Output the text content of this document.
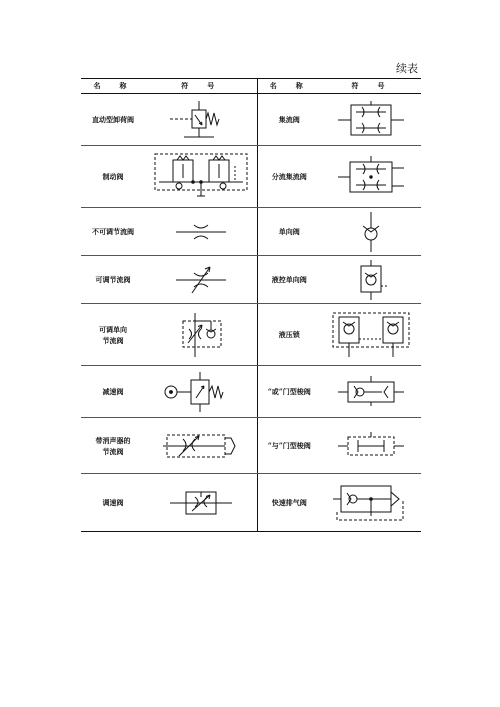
续表
名　称	符　号	名　称	符　号
直动型卸荷阀		集流阀	

制动阀		分流集流阀	

不可调节流阀		单向阀	

可调节流阀		液控单向阀	

可调单向
节流阀		液压锁	

减速阀		“或”门型梭阀	

带消声器的
节流阀		“与”门型梭阀	

调速阀		快速排气阀	
